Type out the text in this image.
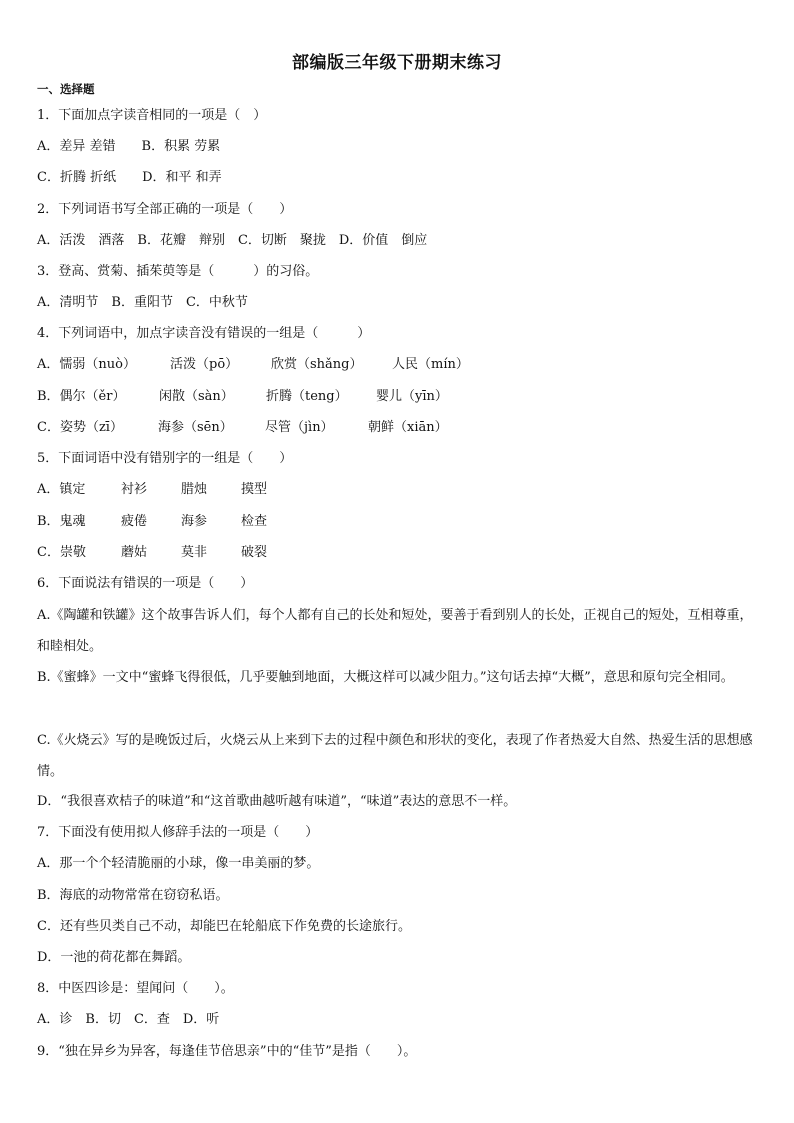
部编版三年级下册期末练习
一、选择题
1．下面加点字读音相同的一项是（　）
A．差异 差错　　B．积累 劳累
C．折腾 折纸　　D．和平 和弄
2．下列词语书写全部正确的一项是（　　）
A．活泼　酒落　B．花瓣　辩别　C．切断　聚拢　D．价值　倒应
3．登高、赏菊、插茱萸等是（　　　）的习俗。
A．清明节　B．重阳节　C．中秋节
4．下列词语中，加点字读音没有错误的一组是（　　　）
A．懦弱（nuò）	活泼（pō）	欣赏（shǎng）	人民（mín）
B．偶尔（ěr）	闲散（sàn）	折腾（teng）	婴儿（yīn）
C．姿势（zī）	海参（sēn）	尽管（jìn）	朝鲜（xiān）
5．下面词语中没有错别字的一组是（　　）
A．镇定	衬衫	腊烛	摸型
B．鬼魂	疲倦	海参	检查
C．崇敬	蘑姑	莫非	破裂
6．下面说法有错误的一项是（　　）
A.《陶罐和铁罐》这个故事告诉人们，每个人都有自己的长处和短处，要善于看到别人的长处，正视自己的短处，互相尊重，和睦相处。
B.《蜜蜂》一文中“蜜蜂飞得很低，几乎要触到地面，大概这样可以减少阻力。”这句话去掉“大概”，意思和原句完全相同。
C.《火烧云》写的是晚饭过后，火烧云从上来到下去的过程中颜色和形状的变化，表现了作者热爱大自然、热爱生活的思想感情。
D．“我很喜欢桔子的味道”和“这首歌曲越听越有味道”，“味道”表达的意思不一样。
7．下面没有使用拟人修辞手法的一项是（　　）
A．那一个个轻清脆丽的小球，像一串美丽的梦。
B．海底的动物常常在窃窃私语。
C．还有些贝类自己不动，却能巴在轮船底下作免费的长途旅行。
D．一池的荷花都在舞蹈。
8．中医四诊是：望闻问（　　）。
A．诊　B．切　C．查　D．听
9．“独在异乡为异客，每逢佳节倍思亲”中的“佳节”是指（　　）。
